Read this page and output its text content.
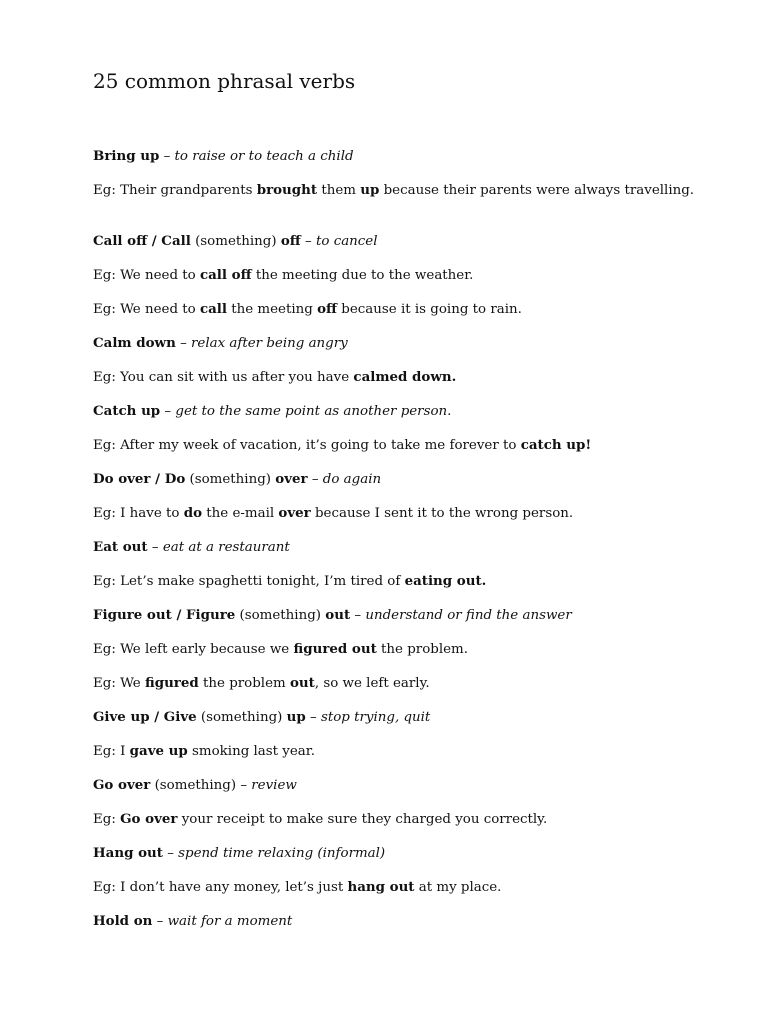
25 common phrasal verbs

Bring up – to raise or to teach a child

Eg: Their grandparents brought them up because their parents were always travelling.

Call off / Call (something) off – to cancel

Eg: We need to call off the meeting due to the weather.

Eg: We need to call the meeting off because it is going to rain.

Calm down – relax after being angry

Eg: You can sit with us after you have calmed down.

Catch up – get to the same point as another person.

Eg: After my week of vacation, it’s going to take me forever to catch up!

Do over / Do (something) over – do again

Eg: I have to do the e-mail over because I sent it to the wrong person.

Eat out – eat at a restaurant

Eg: Let’s make spaghetti tonight, I’m tired of eating out.

Figure out / Figure (something) out – understand or find the answer

Eg: We left early because we figured out the problem.

Eg: We figured the problem out, so we left early.

Give up / Give (something) up – stop trying, quit

Eg: I gave up smoking last year.

Go over (something) – review

Eg: Go over your receipt to make sure they charged you correctly.

Hang out – spend time relaxing (informal)

Eg: I don’t have any money, let’s just hang out at my place.

Hold on – wait for a moment
